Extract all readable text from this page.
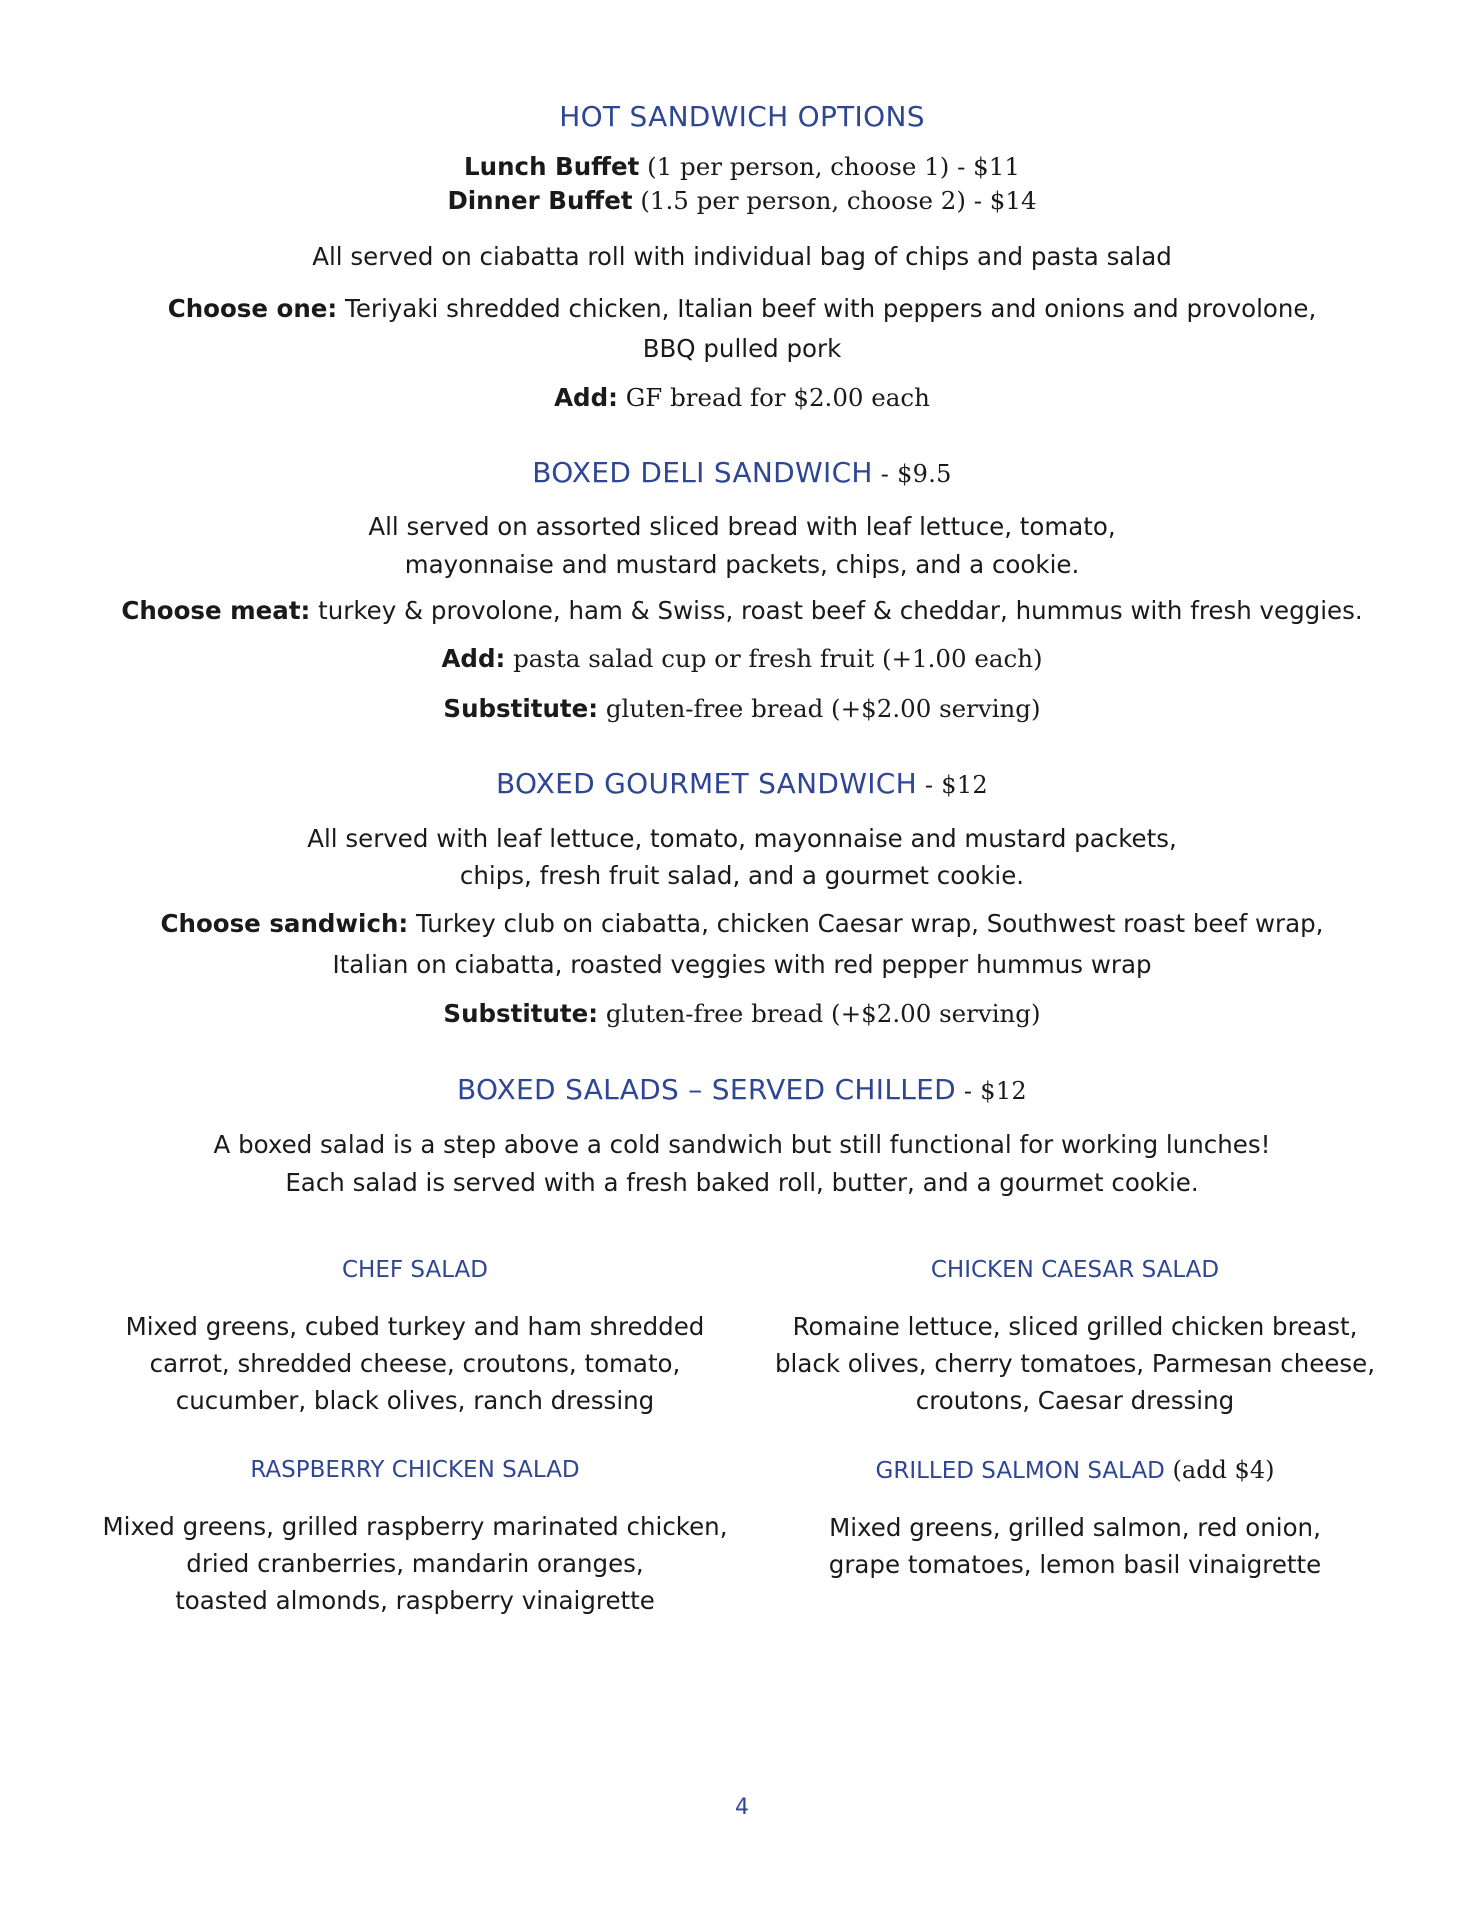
HOT SANDWICH OPTIONS

Lunch Buffet (1 per person, choose 1) - $11

Dinner Buffet (1.5 per person, choose 2) - $14

All served on ciabatta roll with individual bag of chips and pasta salad

Choose one: Teriyaki shredded chicken, Italian beef with peppers and onions and provolone,

BBQ pulled pork

Add: GF bread for $2.00 each

BOXED DELI SANDWICH - $9.5

All served on assorted sliced bread with leaf lettuce, tomato,

mayonnaise and mustard packets, chips, and a cookie.

Choose meat: turkey & provolone, ham & Swiss, roast beef & cheddar, hummus with fresh veggies.

Add: pasta salad cup or fresh fruit (+1.00 each)

Substitute: gluten-free bread (+$2.00 serving)

BOXED GOURMET SANDWICH - $12

All served with leaf lettuce, tomato, mayonnaise and mustard packets,

chips, fresh fruit salad, and a gourmet cookie.

Choose sandwich: Turkey club on ciabatta, chicken Caesar wrap, Southwest roast beef wrap,

Italian on ciabatta, roasted veggies with red pepper hummus wrap

Substitute: gluten-free bread (+$2.00 serving)

BOXED SALADS – SERVED CHILLED - $12

A boxed salad is a step above a cold sandwich but still functional for working lunches!

Each salad is served with a fresh baked roll, butter, and a gourmet cookie.

CHEF SALAD

Mixed greens, cubed turkey and ham shredded

carrot, shredded cheese, croutons, tomato,

cucumber, black olives, ranch dressing

CHICKEN CAESAR SALAD

Romaine lettuce, sliced grilled chicken breast,

black olives, cherry tomatoes, Parmesan cheese,

croutons, Caesar dressing

RASPBERRY CHICKEN SALAD

Mixed greens, grilled raspberry marinated chicken,

dried cranberries, mandarin oranges,

toasted almonds, raspberry vinaigrette

GRILLED SALMON SALAD (add $4)

Mixed greens, grilled salmon, red onion,

grape tomatoes, lemon basil vinaigrette

4
